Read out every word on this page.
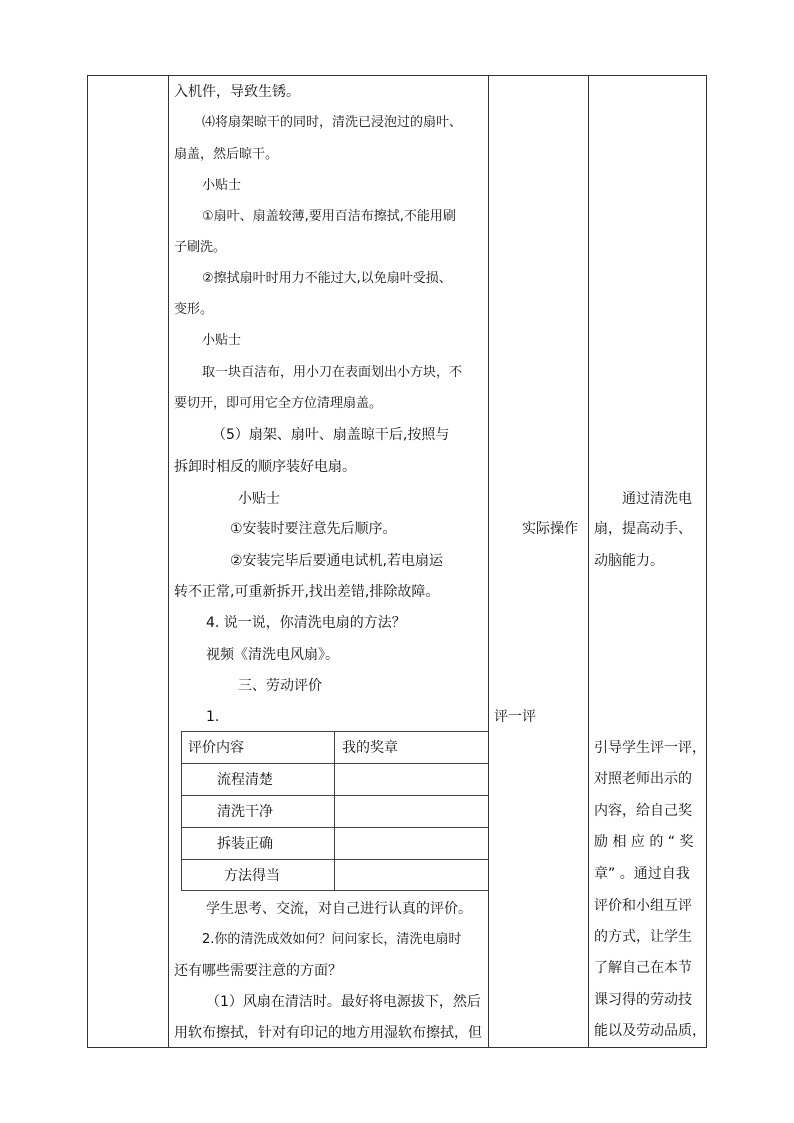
入机件，导致生锈。
⑷将扇架晾干的同时，清洗已浸泡过的扇叶、
扇盖，然后晾干。
小贴士
①扇叶、扇盖较薄,要用百洁布擦拭,不能用刷
子刷洗。
②擦拭扇叶时用力不能过大,以免扇叶受损、
变形。
小贴士
取一块百洁布，用小刀在表面划出小方块，不
要切开，即可用它全方位清理扇盖。
（5）扇架、扇叶、扇盖晾干后,按照与
拆卸时相反的顺序装好电扇。
小贴士
①安装时要注意先后顺序。
②安装完毕后要通电试机,若电扇运
转不正常,可重新拆开,找出差错,排除故障。
4. 说一说，你清洗电扇的方法？
视频《清洗电风扇》。
三、劳动评价
1.
评价内容	我的奖章
流程清楚
清洗干净
拆装正确
方法得当
学生思考、交流，对自己进行认真的评价。
2.你的清洗成效如何？问问家长，清洗电扇时
还有哪些需要注意的方面？
（1）风扇在清洁时。最好将电源拔下，然后
用软布擦拭，针对有印记的地方用湿软布擦拭，但
实际操作
评一评
通过清洗电
扇，提高动手、
动脑能力。
引导学生评一评，
对照老师出示的
内容，给自己奖
励 相 应 的 “ 奖
章” 。通过自我
评价和小组互评
的方式，让学生
了解自己在本节
课习得的劳动技
能以及劳动品质，
